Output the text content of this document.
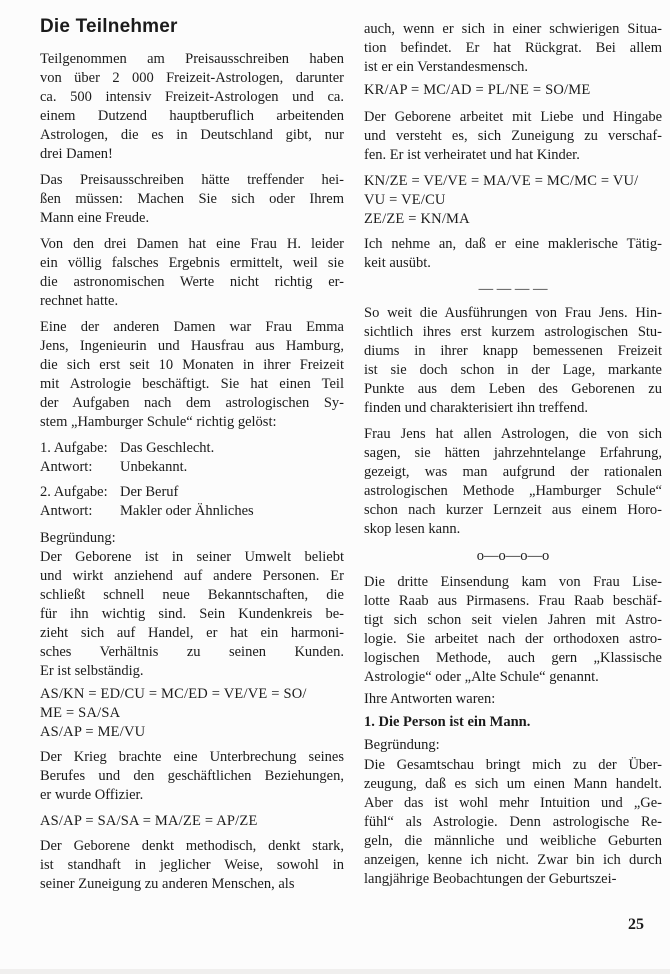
Die Teilnehmer
Teilgenommen am Preisausschreiben haben
von über 2 000 Freizeit-Astrologen, darunter
ca. 500 intensiv Freizeit-Astrologen und ca.
einem Dutzend hauptberuflich arbeitenden
Astrologen, die es in Deutschland gibt, nur
drei Damen!
Das Preisausschreiben hätte treffender hei-
ßen müssen: Machen Sie sich oder Ihrem
Mann eine Freude.
Von den drei Damen hat eine Frau H. leider
ein völlig falsches Ergebnis ermittelt, weil sie
die astronomischen Werte nicht richtig er-
rechnet hatte.
Eine der anderen Damen war Frau Emma
Jens, Ingenieurin und Hausfrau aus Hamburg,
die sich erst seit 10 Monaten in ihrer Freizeit
mit Astrologie beschäftigt. Sie hat einen Teil
der Aufgaben nach dem astrologischen Sy-
stem „Hamburger Schule“ richtig gelöst:
1. Aufgabe: Das Geschlecht.
Antwort:	Unbekannt.
2. Aufgabe: Der Beruf
Antwort:	Makler oder Ähnliches
Begründung:
Der Geborene ist in seiner Umwelt beliebt
und wirkt anziehend auf andere Personen. Er
schließt schnell neue Bekanntschaften, die
für ihn wichtig sind. Sein Kundenkreis be-
zieht sich auf Handel, er hat ein harmoni-
sches Verhältnis zu seinen Kunden.
Er ist selbständig.
AS/KN = ED/CU = MC/ED = VE/VE = SO/
ME = SA/SA
AS/AP = ME/VU
Der Krieg brachte eine Unterbrechung seines
Berufes und den geschäftlichen Beziehungen,
er wurde Offizier.
AS/AP = SA/SA = MA/ZE = AP/ZE
Der Geborene denkt methodisch, denkt stark,
ist standhaft in jeglicher Weise, sowohl in
seiner Zuneigung zu anderen Menschen, als
auch, wenn er sich in einer schwierigen Situa-
tion befindet. Er hat Rückgrat. Bei allem
ist er ein Verstandesmensch.
KR/AP = MC/AD = PL/NE = SO/ME
Der Geborene arbeitet mit Liebe und Hingabe
und versteht es, sich Zuneigung zu verschaf-
fen. Er ist verheiratet und hat Kinder.
KN/ZE = VE/VE = MA/VE = MC/MC = VU/
VU = VE/CU
ZE/ZE = KN/MA
Ich nehme an, daß er eine maklerische Tätig-
keit ausübt.
— — — —
So weit die Ausführungen von Frau Jens. Hin-
sichtlich ihres erst kurzem astrologischen Stu-
diums in ihrer knapp bemessenen Freizeit
ist sie doch schon in der Lage, markante
Punkte aus dem Leben des Geborenen zu
finden und charakterisiert ihn treffend.
Frau Jens hat allen Astrologen, die von sich
sagen, sie hätten jahrzehntelange Erfahrung,
gezeigt, was man aufgrund der rationalen
astrologischen Methode „Hamburger Schule“
schon nach kurzer Lernzeit aus einem Horo-
skop lesen kann.
o—o—o—o
Die dritte Einsendung kam von Frau Lise-
lotte Raab aus Pirmasens. Frau Raab beschäf-
tigt sich schon seit vielen Jahren mit Astro-
logie. Sie arbeitet nach der orthodoxen astro-
logischen Methode, auch gern „Klassische
Astrologie“ oder „Alte Schule“ genannt.
Ihre Antworten waren:
1. Die Person ist ein Mann.
Begründung:
Die Gesamtschau bringt mich zu der Über-
zeugung, daß es sich um einen Mann handelt.
Aber das ist wohl mehr Intuition und „Ge-
fühl“ als Astrologie. Denn astrologische Re-
geln, die männliche und weibliche Geburten
anzeigen, kenne ich nicht. Zwar bin ich durch
langjährige Beobachtungen der Geburtszei-
25
